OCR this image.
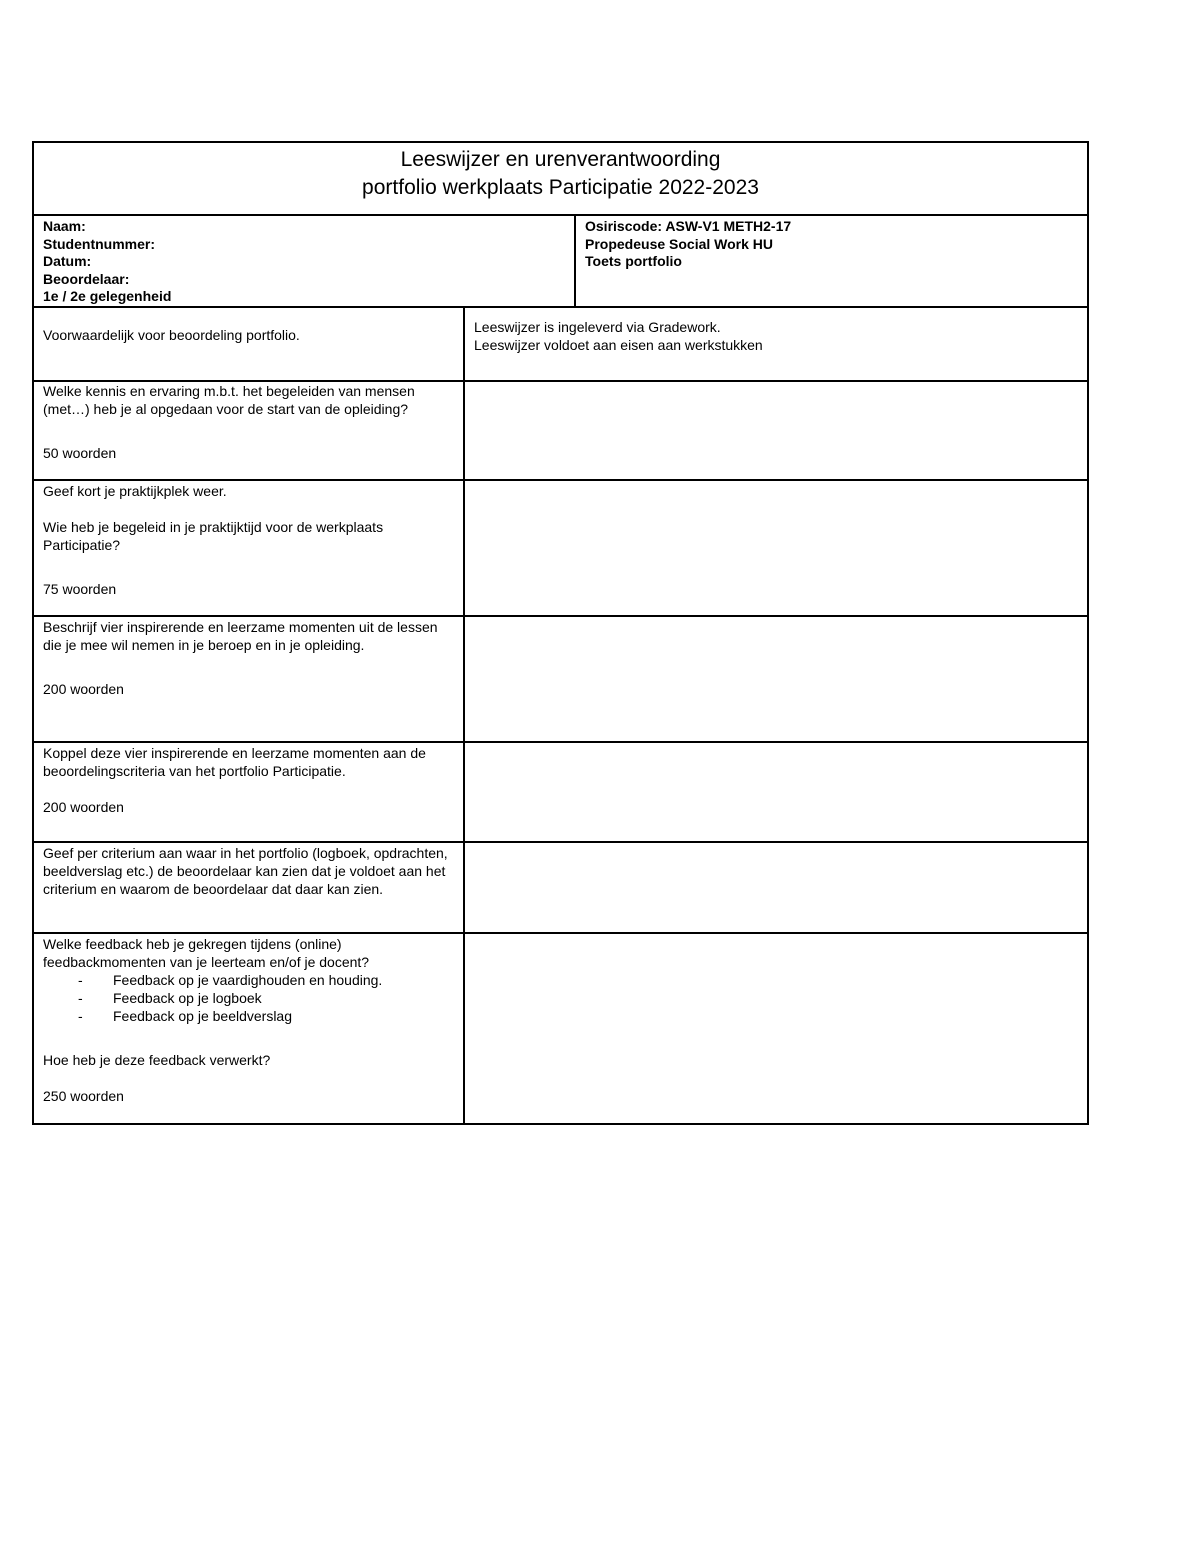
Leeswijzer en urenverantwoording
portfolio werkplaats Participatie 2022-2023
Naam:
Studentnummer:
Datum:
Beoordelaar:
1e / 2e gelegenheid
Osiriscode: ASW-V1 METH2-17
Propedeuse Social Work HU
Toets portfolio
Voorwaardelijk voor beoordeling portfolio.	Leeswijzer is ingeleverd via Gradework.
Leeswijzer voldoet aan eisen aan werkstukken
Welke kennis en ervaring m.b.t. het begeleiden van mensen (met…) heb je al opgedaan voor de start van de opleiding?
50 woorden
Geef kort je praktijkplek weer.
Wie heb je begeleid in je praktijktijd voor de werkplaats Participatie?
75 woorden
Beschrijf vier inspirerende en leerzame momenten uit de lessen die je mee wil nemen in je beroep en in je opleiding.
200 woorden
Koppel deze vier inspirerende en leerzame momenten aan de beoordelingscriteria van het portfolio Participatie.
200 woorden
Geef per criterium aan waar in het portfolio (logboek, opdrachten, beeldverslag etc.) de beoordelaar kan zien dat je voldoet aan het criterium en waarom de beoordelaar dat daar kan zien.
Welke feedback heb je gekregen tijdens (online) feedbackmomenten van je leerteam en/of je docent?
- Feedback op je vaardighouden en houding.
- Feedback op je logboek
- Feedback op je beeldverslag
Hoe heb je deze feedback verwerkt?
250 woorden
